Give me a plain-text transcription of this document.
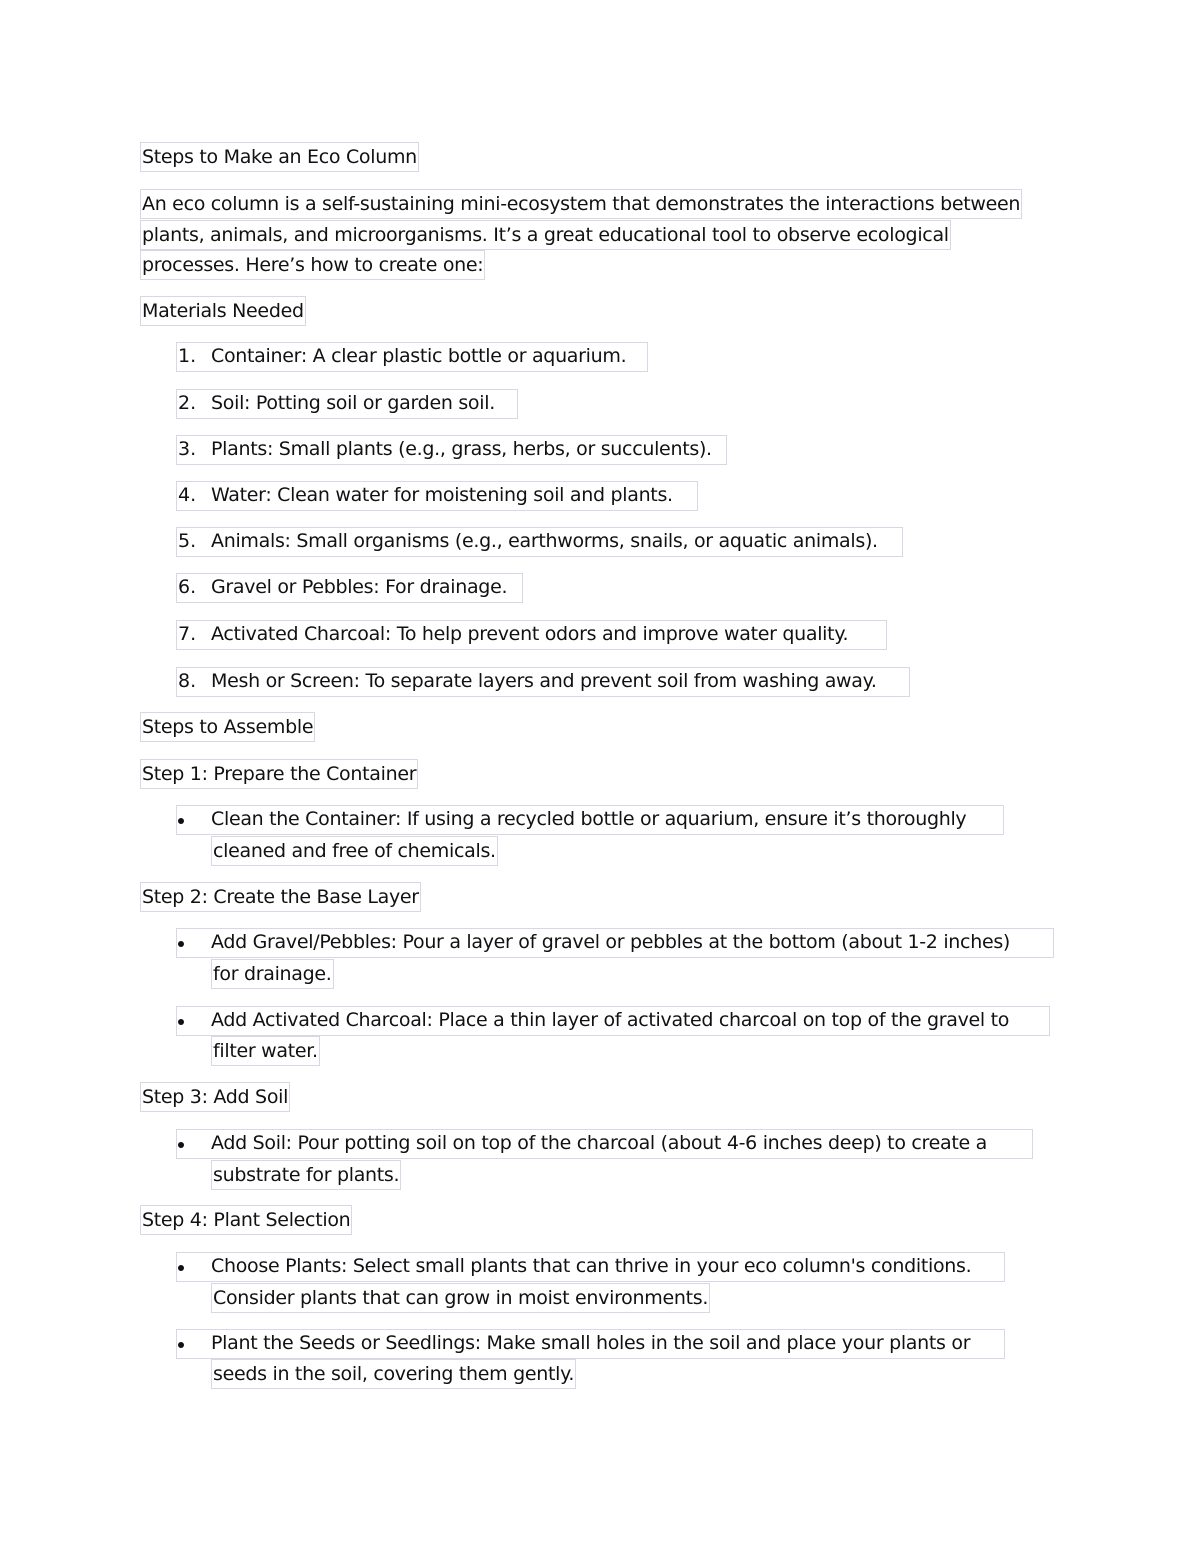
Steps to Make an Eco Column
An eco column is a self-sustaining mini-ecosystem that demonstrates the interactions between
plants, animals, and microorganisms. It’s a great educational tool to observe ecological
processes. Here’s how to create one:
Materials Needed
1. Container: A clear plastic bottle or aquarium.
2. Soil: Potting soil or garden soil.
3. Plants: Small plants (e.g., grass, herbs, or succulents).
4. Water: Clean water for moistening soil and plants.
5. Animals: Small organisms (e.g., earthworms, snails, or aquatic animals).
6. Gravel or Pebbles: For drainage.
7. Activated Charcoal: To help prevent odors and improve water quality.
8. Mesh or Screen: To separate layers and prevent soil from washing away.
Steps to Assemble
Step 1: Prepare the Container
Clean the Container: If using a recycled bottle or aquarium, ensure it’s thoroughly
cleaned and free of chemicals.
Step 2: Create the Base Layer
Add Gravel/Pebbles: Pour a layer of gravel or pebbles at the bottom (about 1-2 inches)
for drainage.
Add Activated Charcoal: Place a thin layer of activated charcoal on top of the gravel to
filter water.
Step 3: Add Soil
Add Soil: Pour potting soil on top of the charcoal (about 4-6 inches deep) to create a
substrate for plants.
Step 4: Plant Selection
Choose Plants: Select small plants that can thrive in your eco column's conditions.
Consider plants that can grow in moist environments.
Plant the Seeds or Seedlings: Make small holes in the soil and place your plants or
seeds in the soil, covering them gently.
